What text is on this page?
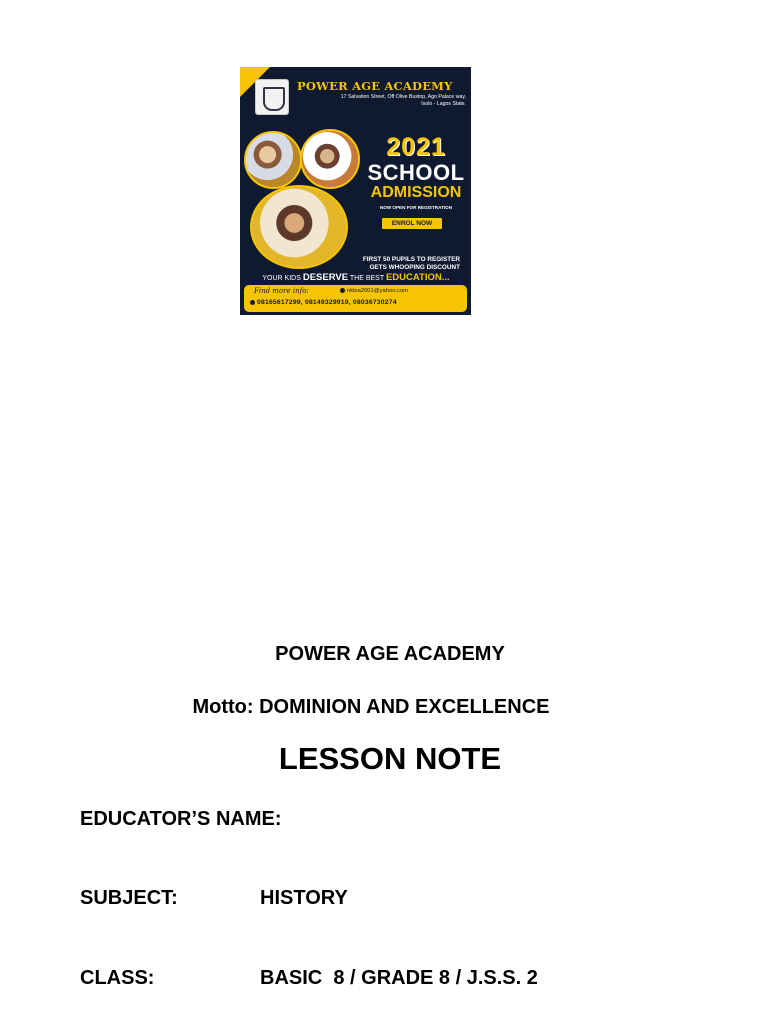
POWER AGE ACADEMY
17 Salvation Street, Off Olive Bustop, Ago Palace way,
Isolo - Lagos State.
2021
SCHOOL
ADMISSION
NOW OPEN FOR REGISTRATION
ENROL NOW
FIRST 50 PUPILS TO REGISTER
GETS WHOOPING DISCOUNT
YOUR KIDS DESERVE THE BEST EDUCATION...
Find more info:	nklea2001@yahoo.com
08165617299, 08149329919, 08036730274
POWER AGE ACADEMY
Motto: DOMINION AND EXCELLENCE
LESSON NOTE
EDUCATOR’S NAME:
SUBJECT:	HISTORY
CLASS:	BASIC  8 / GRADE 8 / J.S.S. 2
